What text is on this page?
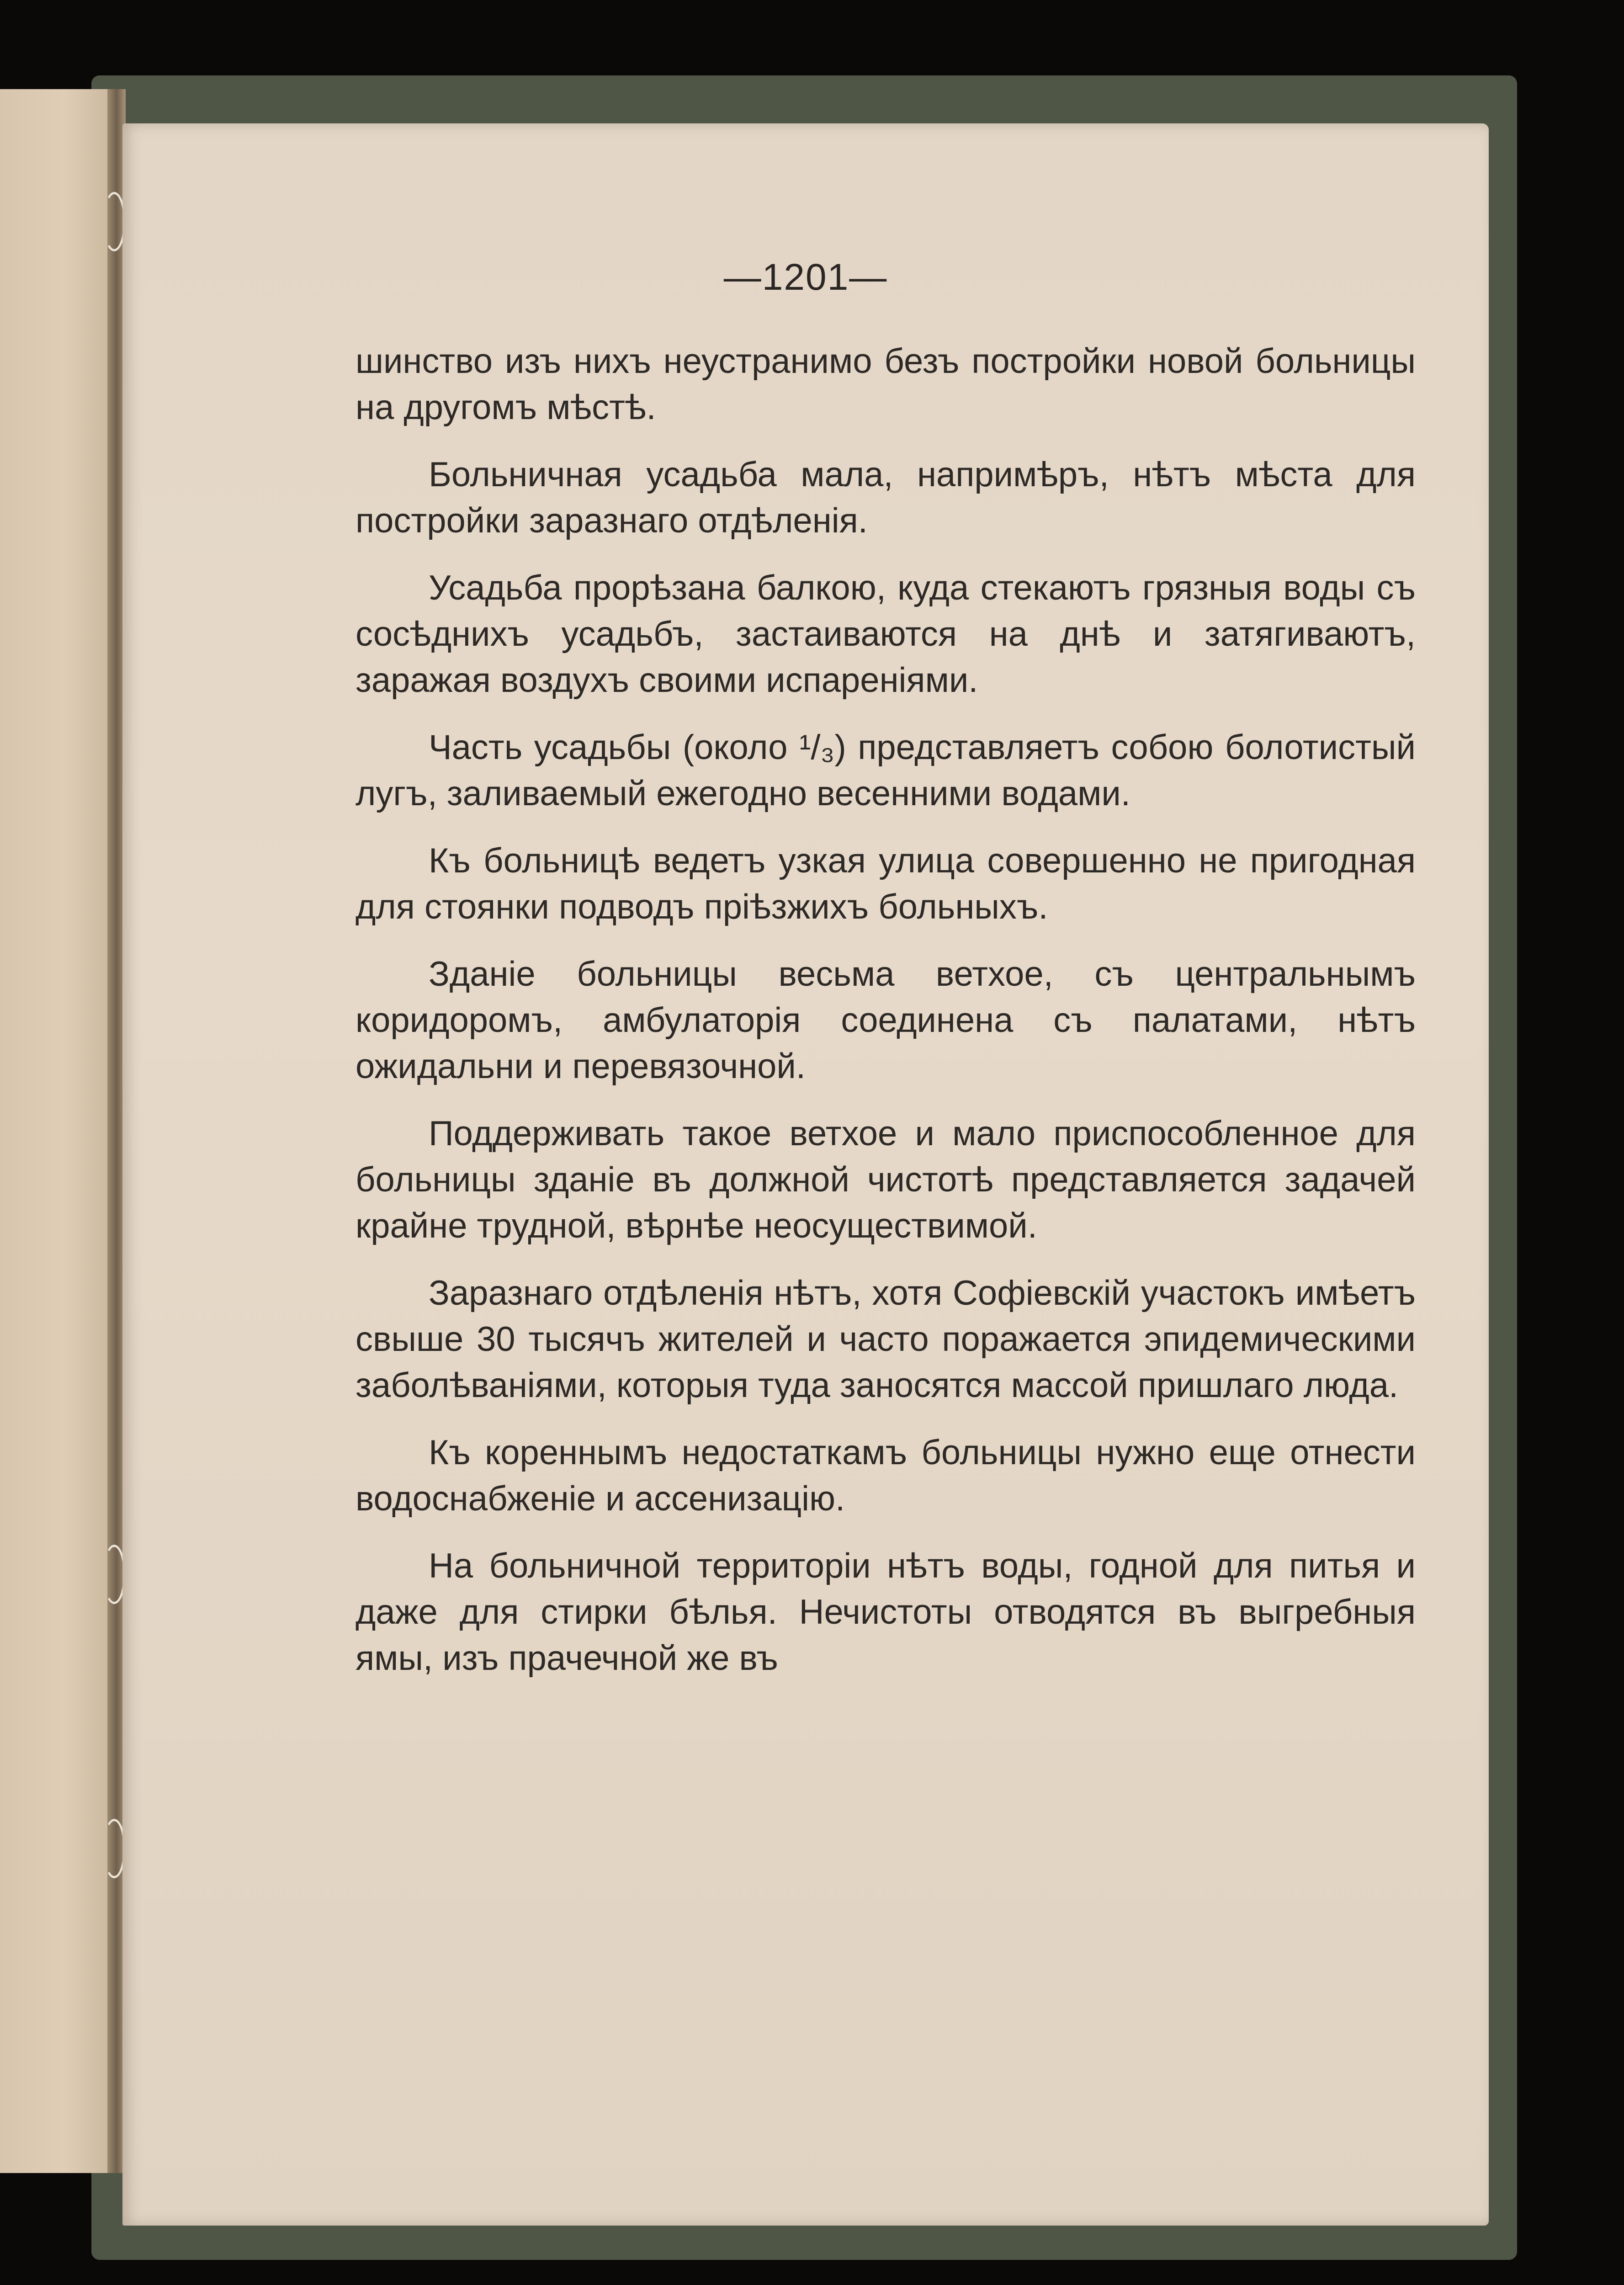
—1201—

шинство изъ нихъ неустранимо безъ постройки новой больницы на другомъ мѣстѣ.

Больничная усадьба мала, напримѣръ, нѣтъ мѣста для постройки заразнаго отдѣленія.

Усадьба прорѣзана балкою, куда стекаютъ грязныя воды съ сосѣднихъ усадьбъ, застаиваются на днѣ и затягиваютъ, заражая воздухъ своими испареніями.

Часть усадьбы (около ¹/₃) представляетъ собою болотистый лугъ, заливаемый ежегодно весенними водами.

Къ больницѣ ведетъ узкая улица совершенно не пригодная для стоянки подводъ пріѣзжихъ больныхъ.

Зданіе больницы весьма ветхое, съ центральнымъ коридоромъ, амбулаторія соединена съ палатами, нѣтъ ожидальни и перевязочной.

Поддерживать такое ветхое и мало приспособленное для больницы зданіе въ должной чистотѣ представляется задачей крайне трудной, вѣрнѣе неосуществимой.

Заразнаго отдѣленія нѣтъ, хотя Софіевскій участокъ имѣетъ свыше 30 тысячъ жителей и часто поражается эпидемическими заболѣваніями, которыя туда заносятся массой пришлаго люда.

Къ кореннымъ недостаткамъ больницы нужно еще отнести водоснабженіе и ассенизацію.

На больничной территоріи нѣтъ воды, годной для питья и даже для стирки бѣлья. Нечистоты отводятся въ выгребныя ямы, изъ прачечной же въ
